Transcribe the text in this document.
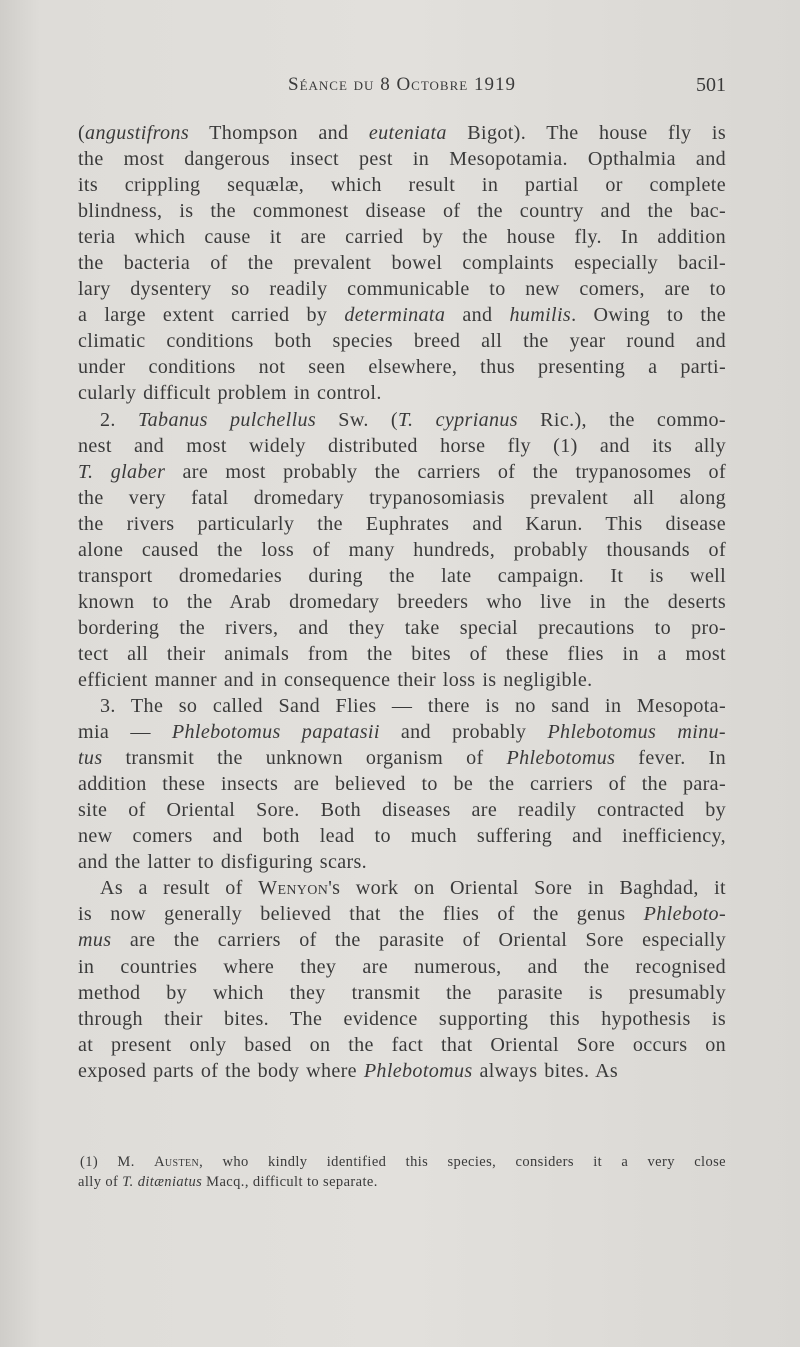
Séance du 8 Octobre 1919	501

(angustifrons Thompson and euteniata Bigot). The house fly is
the most dangerous insect pest in Mesopotamia. Opthalmia and
its crippling sequælæ, which result in partial or complete
blindness, is the commonest disease of the country and the bac-
teria which cause it are carried by the house fly. In addition
the bacteria of the prevalent bowel complaints especially bacil-
lary dysentery so readily communicable to new comers, are to
a large extent carried by determinata and humilis. Owing to the
climatic conditions both species breed all the year round and
under conditions not seen elsewhere, thus presenting a parti-
cularly difficult problem in control.

2. Tabanus pulchellus Sw. (T. cyprianus Ric.), the commo-
nest and most widely distributed horse fly (1) and its ally
T. glaber are most probably the carriers of the trypanosomes of
the very fatal dromedary trypanosomiasis prevalent all along
the rivers particularly the Euphrates and Karun. This disease
alone caused the loss of many hundreds, probably thousands of
transport dromedaries during the late campaign. It is well
known to the Arab dromedary breeders who live in the deserts
bordering the rivers, and they take special precautions to pro-
tect all their animals from the bites of these flies in a most
efficient manner and in consequence their loss is negligible.

3. The so called Sand Flies — there is no sand in Mesopota-
mia — Phlebotomus papatasii and probably Phlebotomus minu-
tus transmit the unknown organism of Phlebotomus fever. In
addition these insects are believed to be the carriers of the para-
site of Oriental Sore. Both diseases are readily contracted by
new comers and both lead to much suffering and inefficiency,
and the latter to disfiguring scars.

As a result of Wenyon's work on Oriental Sore in Baghdad, it
is now generally believed that the flies of the genus Phleboto-
mus are the carriers of the parasite of Oriental Sore especially
in countries where they are numerous, and the recognised
method by which they transmit the parasite is presumably
through their bites. The evidence supporting this hypothesis is
at present only based on the fact that Oriental Sore occurs on
exposed parts of the body where Phlebotomus always bites. As

(1) M. Austen, who kindly identified this species, considers it a very close
ally of T. ditæniatus Macq., difficult to separate.
